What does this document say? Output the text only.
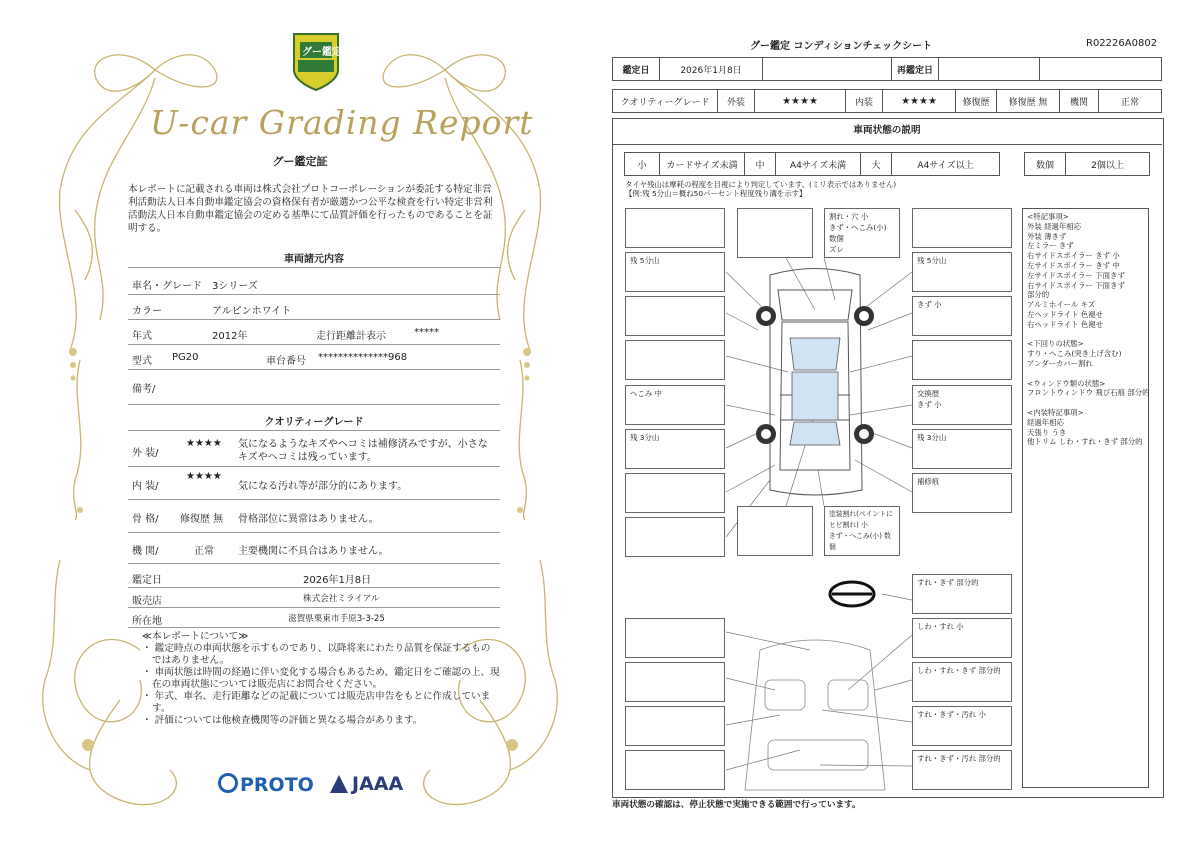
グー鑑定
U-car Grading Report
グー鑑定証
本レポートに記載される車両は株式会社プロトコーポレーションが委託する特定非営利活動法人日本自動車鑑定協会の資格保有者が厳選かつ公平な検査を行い特定非営利活動法人日本自動車鑑定協会の定める基準にて品質評価を行ったものであることを証明する。
車両諸元内容
車名・グレード 3シリーズ
カラー	アルピンホワイト
年式	2012年	走行距離計表示	*****
型式 PG20	車台番号 **************968
備考/
クオリティーグレード
外 装/
★★★★ 気になるようなキズやヘコミは補修済みですが、小さなキズやヘコミは残っています。
内 装/
★★★★
気になる汚れ等が部分的にあります。
骨 格/ 修復歴 無 骨格部位に異常はありません。
機 関/	正常 主要機関に不具合はありません。
鑑定日	2026年1月8日
販売店	株式会社ミライアル
所在地	滋賀県栗東市手原3-3-25
≪本レポートについて≫
・ 鑑定時点の車両状態を示すものであり、以降将来にわたり品質を保証するものではありません。
・ 車両状態は時間の経過に伴い変化する場合もあるため、鑑定日をご確認の上、現在の車両状態については販売店にお問合せください。
・ 年式、車名、走行距離などの記載については販売店申告をもとに作成しています。
・ 評価については他検査機関等の評価と異なる場合があります。
PROTO	JAAA
グー鑑定 コンディションチェックシート	R02226A0802
鑑定日	2026年1月8日		再鑑定日		
クオリティーグレード	外装	★★★★	内装	★★★★	修復歴	修復歴 無	機関	正常
車両状態の説明
小	カードサイズ未満	中	A4サイズ未満	大	A4サイズ以上	数個	2個以上
タイヤ残山は摩耗の程度を目視により判定しています。(ミリ表示ではありません)
【例:残 5分山＝概ね50パーセント程度残り溝を示す】
残 5分山
へこみ 中
残 3分山
割れ・穴 小
きず・へこみ(小) 数個
ズレ
塗装割れ(ペイントにヒビ割れ) 小
きず・へこみ(小) 数個
残 5分山
きず 小
交換歴
きず 小
残 3分山
補修痕
すれ・きず 部分的
しわ・すれ 小
しわ・すれ・きず 部分的
すれ・きず・汚れ 小
すれ・きず・汚れ 部分的
<特記事項>
外装 経過年相応
外装 薄きず
左ミラー きず
右サイドスポイラー きず 小
左サイドスポイラー きず 中
左サイドスポイラー 下面きず
右サイドスポイラー 下面きず
部分的
アルミホイール キズ
左ヘッドライト 色褪せ
右ヘッドライト 色褪せ
<下回りの状態>
すり・へこみ(突き上げ含む)
アンダーカバー割れ
<ウィンドウ類の状態>
フロントウィンドウ 飛び石痕 部分的
<内装特記事項>
経過年相応
天張り うき
他トリム しわ・すれ・きず 部分的
車両状態の確認は、停止状態で実施できる範囲で行っています。
